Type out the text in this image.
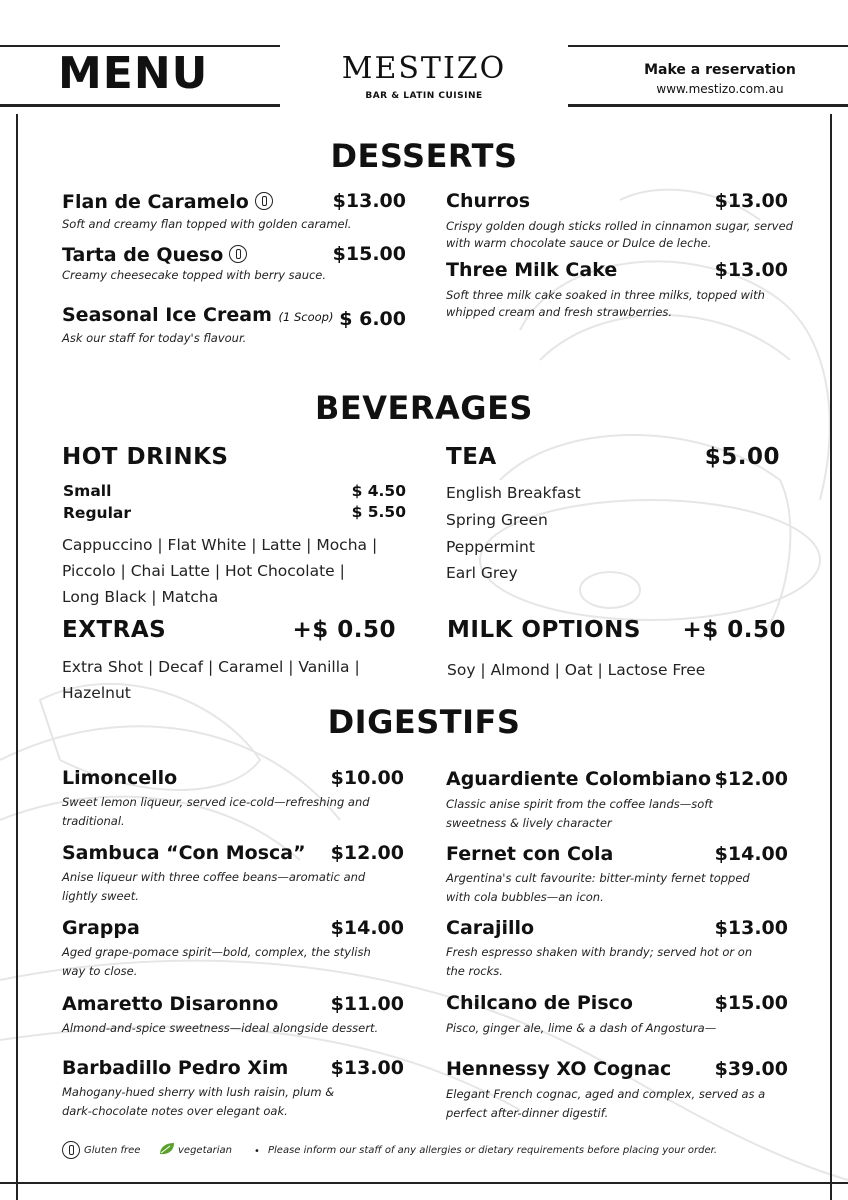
MENU	MESTIZO
BAR & LATIN CUISINE
Make a reservation
www.mestizo.com.au
DESSERTS
Flan de Caramelo	$13.00
Soft and creamy flan topped with golden caramel.
Tarta de Queso	$15.00
Creamy cheesecake topped with berry sauce.
Seasonal Ice Cream (1 Scoop) $ 6.00
Ask our staff for today's flavour.
Churros	$13.00
Crispy golden dough sticks rolled in cinnamon sugar, served
with warm chocolate sauce or Dulce de leche.
Three Milk Cake	$13.00
Soft three milk cake soaked in three milks, topped with
whipped cream and fresh strawberries.
BEVERAGES
HOT DRINKS
Small	$ 4.50
Regular	$ 5.50
Cappuccino | Flat White | Latte | Mocha |
Piccolo | Chai Latte | Hot Chocolate |
Long Black | Matcha
TEA	$5.00
English Breakfast
Spring Green
Peppermint
Earl Grey
EXTRAS	+$ 0.50
Extra Shot | Decaf | Caramel | Vanilla |
Hazelnut
MILK OPTIONS	+$ 0.50
Soy | Almond | Oat | Lactose Free
DIGESTIFS
Limoncello	$10.00
Sweet lemon liqueur, served ice-cold—refreshing and
traditional.
Sambuca “Con Mosca”	$12.00
Anise liqueur with three coffee beans—aromatic and
lightly sweet.
Grappa	$14.00
Aged grape-pomace spirit—bold, complex, the stylish
way to close.
Amaretto Disaronno	$11.00
Almond-and-spice sweetness—ideal alongside dessert.
Barbadillo Pedro Xim	$13.00
Mahogany-hued sherry with lush raisin, plum &
dark-chocolate notes over elegant oak.
Aguardiente Colombiano $12.00
Classic anise spirit from the coffee lands—soft
sweetness & lively character
Fernet con Cola	$14.00
Argentina's cult favourite: bitter-minty fernet topped
with cola bubbles—an icon.
Carajillo	$13.00
Fresh espresso shaken with brandy; served hot or on
the rocks.
Chilcano de Pisco	$15.00
Pisco, ginger ale, lime & a dash of Angostura—
Hennessy XO Cognac	$39.00
Elegant French cognac, aged and complex, served as a
perfect after-dinner digestif.
Gluten free	vegetarian • Please inform our staff of any allergies or dietary requirements before placing your order.
